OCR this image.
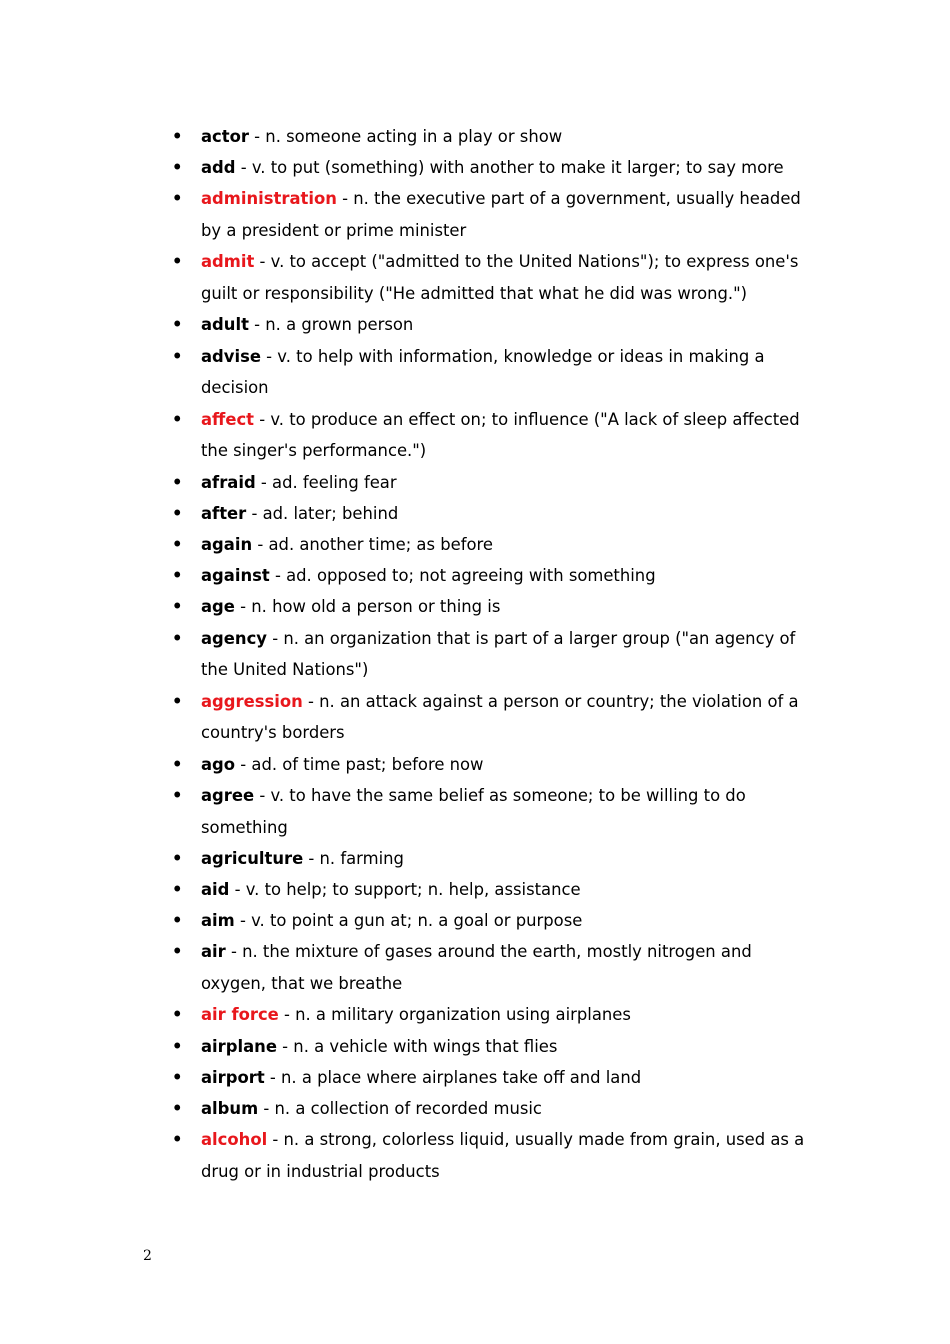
• actor - n. someone acting in a play or show
• add - v. to put (something) with another to make it larger; to say more
• administration - n. the executive part of a government, usually headed by a president or prime minister
• admit - v. to accept ("admitted to the United Nations"); to express one's guilt or responsibility ("He admitted that what he did was wrong.")
• adult - n. a grown person
• advise - v. to help with information, knowledge or ideas in making a decision
• affect - v. to produce an effect on; to influence ("A lack of sleep affected the singer's performance.")
• afraid - ad. feeling fear
• after - ad. later; behind
• again - ad. another time; as before
• against - ad. opposed to; not agreeing with something
• age - n. how old a person or thing is
• agency - n. an organization that is part of a larger group ("an agency of the United Nations")
• aggression - n. an attack against a person or country; the violation of a country's borders
• ago - ad. of time past; before now
• agree - v. to have the same belief as someone; to be willing to do something
• agriculture - n. farming
• aid - v. to help; to support; n. help, assistance
• aim - v. to point a gun at; n. a goal or purpose
• air - n. the mixture of gases around the earth, mostly nitrogen and oxygen, that we breathe
• air force - n. a military organization using airplanes
• airplane - n. a vehicle with wings that flies
• airport - n. a place where airplanes take off and land
• album - n. a collection of recorded music
• alcohol - n. a strong, colorless liquid, usually made from grain, used as a drug or in industrial products
2
